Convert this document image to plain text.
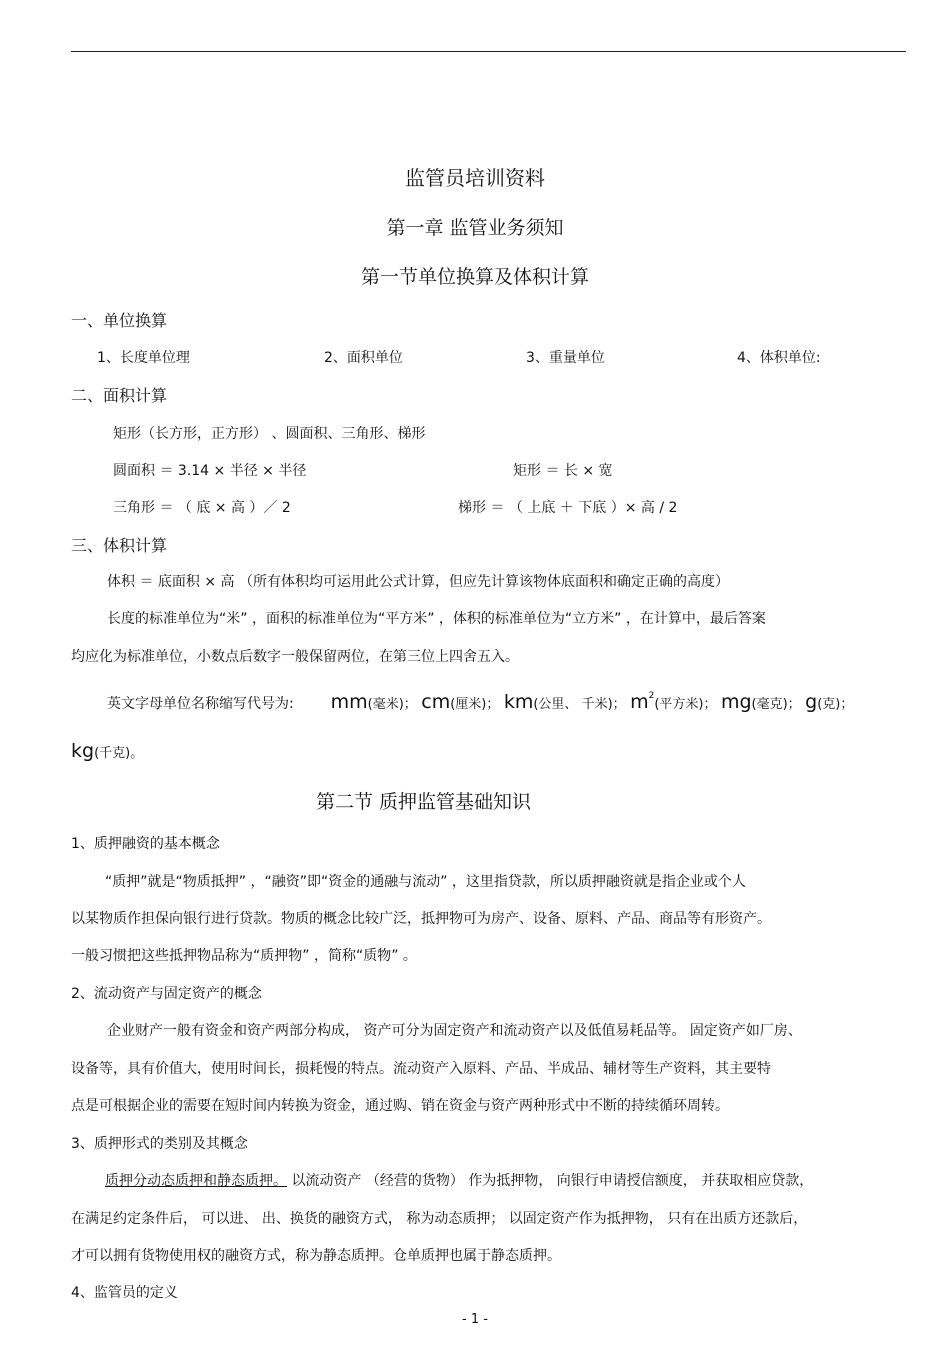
监管员培训资料
第一章 监管业务须知
第一节单位换算及体积计算
一、单位换算
1、长度单位理	2、面积单位	3、重量单位	4、体积单位:
二、面积计算
矩形（长方形，正方形） 、圆面积、三角形、梯形
圆面积 ＝ 3.14 × 半径 × 半径	矩形 ＝ 长 × 宽
三角形 ＝ （ 底 × 高 ）／ 2	梯形 ＝ （ 上底 ＋ 下底 ）× 高 / 2
三、体积计算
体积 ＝ 底面积 × 高 （所有体积均可运用此公式计算，但应先计算该物体底面积和确定正确的高度）
长度的标准单位为“米” ，面积的标准单位为“平方米” ，体积的标准单位为“立方米” ，在计算中，最后答案
均应化为标准单位，小数点后数字一般保留两位，在第三位上四舍五入。
英文字母单位名称缩写代号为: mm(毫米)； cm(厘米)； km(公里、 千米)； $m^2$(平方米)； mg(毫克)； g(克)；
kg(千克)。
第二节 质押监管基础知识
1、质押融资的基本概念
“质押”就是“物质抵押” ，“融资”即“资金的通融与流动” ，这里指贷款，所以质押融资就是指企业或个人
以某物质作担保向银行进行贷款。物质的概念比较广泛，抵押物可为房产、设备、原料、产品、商品等有形资产。
一般习惯把这些抵押物品称为“质押物” ，简称“质物” 。
2、流动资产与固定资产的概念
企业财产一般有资金和资产两部分构成， 资产可分为固定资产和流动资产以及低值易耗品等。 固定资产如厂房、
设备等，具有价值大，使用时间长，损耗慢的特点。流动资产入原料、产品、半成品、辅材等生产资料，其主要特
点是可根据企业的需要在短时间内转换为资金，通过购、销在资金与资产两种形式中不断的持续循环周转。
3、质押形式的类别及其概念
质押分动态质押和静态质押。 以流动资产 （经营的货物） 作为抵押物， 向银行申请授信额度， 并获取相应贷款，
在满足约定条件后， 可以进、 出、换货的融资方式， 称为动态质押； 以固定资产作为抵押物， 只有在出质方还款后，
才可以拥有货物使用权的融资方式，称为静态质押。仓单质押也属于静态质押。
4、监管员的定义
- 1 -
